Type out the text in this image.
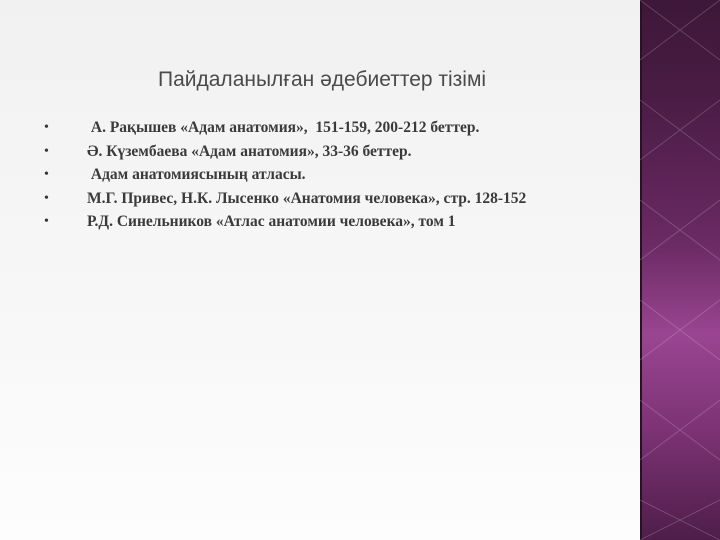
Пайдаланылған әдебиеттер тізімі
•	А. Рақышев «Адам анатомия»,  151-159, 200-212 беттер.
•	Ә. Күзембаева «Адам анатомия», 33-36 беттер.
•	Адам анатомиясының атласы.
•	М.Г. Привес, Н.К. Лысенко «Анатомия человека», стр. 128-152
•	Р.Д. Синельников «Атлас анатомии человека», том 1
